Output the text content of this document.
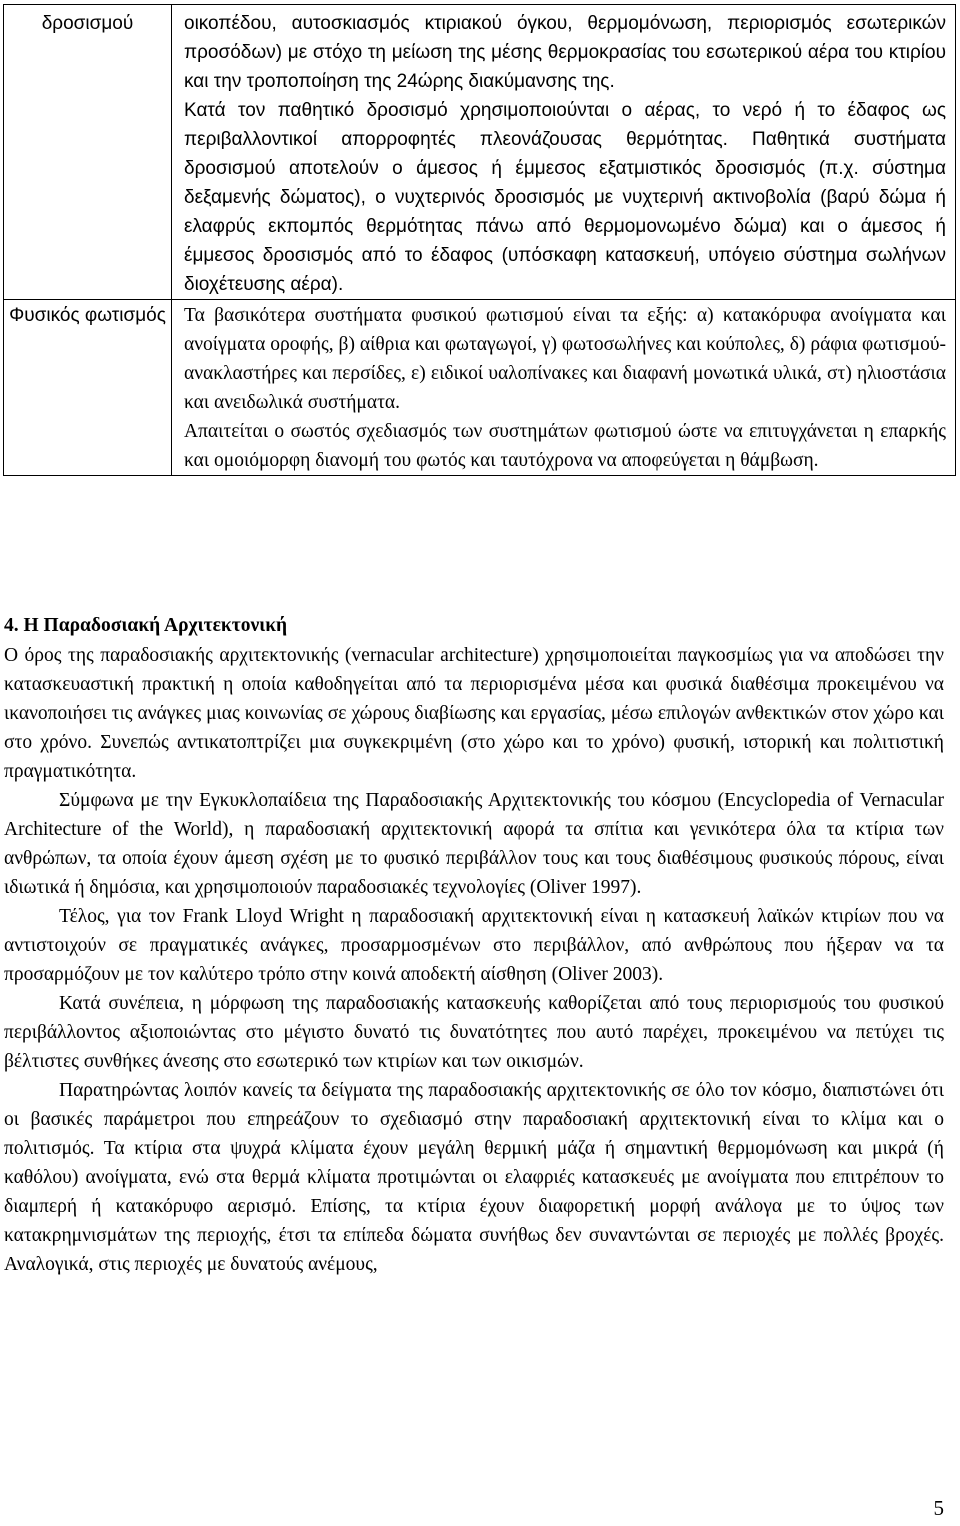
δροσισμού	οικοπέδου, αυτοσκιασμός κτιριακού όγκου, θερμομόνωση, περιορισμός εσωτερικών προσόδων) με στόχο τη μείωση της μέσης θερμοκρασίας του εσωτερικού αέρα του κτιρίου και την τροποποίηση της 24ώρης διακύμανσης της.

Κατά τον παθητικό δροσισμό χρησιμοποιούνται ο αέρας, το νερό ή το έδαφος ως περιβαλλοντικοί απορροφητές πλεονάζουσας θερμότητας. Παθητικά συστήματα δροσισμού αποτελούν ο άμεσος ή έμμεσος εξατμιστικός δροσισμός (π.χ. σύστημα δεξαμενής δώματος), ο νυχτερινός δροσισμός με νυχτερινή ακτινοβολία (βαρύ δώμα ή ελαφρύς εκπομπός θερμότητας πάνω από θερμομονωμένο δώμα) και ο άμεσος ή έμμεσος δροσισμός από το έδαφος (υπόσκαφη κατασκευή, υπόγειο σύστημα σωλήνων διοχέτευσης αέρα).

Φυσικός φωτισμός	Τα βασικότερα συστήματα φυσικού φωτισμού είναι τα εξής: α) κατακόρυφα ανοίγματα και ανοίγματα οροφής, β) αίθρια και φωταγωγοί, γ) φωτοσωλήνες και κούπολες, δ) ράφια φωτισμού-ανακλαστήρες και περσίδες, ε) ειδικοί υαλοπίνακες και διαφανή μονωτικά υλικά, στ) ηλιοστάσια και ανειδωλικά συστήματα.

Απαιτείται ο σωστός σχεδιασμός των συστημάτων φωτισμού ώστε να επιτυγχάνεται η επαρκής και ομοιόμορφη διανομή του φωτός και ταυτόχρονα να αποφεύγεται η θάμβωση.

4. Η Παραδοσιακή Αρχιτεκτονική

Ο όρος της παραδοσιακής αρχιτεκτονικής (vernacular architecture) χρησιμοποιείται παγκοσμίως για να αποδώσει την κατασκευαστική πρακτική η οποία καθοδηγείται από τα περιορισμένα μέσα και φυσικά διαθέσιμα προκειμένου να ικανοποιήσει τις ανάγκες μιας κοινωνίας σε χώρους διαβίωσης και εργασίας, μέσω επιλογών ανθεκτικών στον χώρο και στο χρόνο. Συνεπώς αντικατοπτρίζει μια συγκεκριμένη (στο χώρο και το χρόνο) φυσική, ιστορική και πολιτιστική πραγματικότητα.

Σύμφωνα με την Εγκυκλοπαίδεια της Παραδοσιακής Αρχιτεκτονικής του κόσμου (Encyclopedia of Vernacular Architecture of the World), η παραδοσιακή αρχιτεκτονική αφορά τα σπίτια και γενικότερα όλα τα κτίρια των ανθρώπων, τα οποία έχουν άμεση σχέση με το φυσικό περιβάλλον τους και τους διαθέσιμους φυσικούς πόρους, είναι ιδιωτικά ή δημόσια, και χρησιμοποιούν παραδοσιακές τεχνολογίες (Oliver 1997).

Τέλος, για τον Frank Lloyd Wright η παραδοσιακή αρχιτεκτονική είναι η κατασκευή λαϊκών κτιρίων που να αντιστοιχούν σε πραγματικές ανάγκες, προσαρμοσμένων στο περιβάλλον, από ανθρώπους που ήξεραν να τα προσαρμόζουν με τον καλύτερο τρόπο στην κοινά αποδεκτή αίσθηση (Oliver 2003).

Κατά συνέπεια, η μόρφωση της παραδοσιακής κατασκευής καθορίζεται από τους περιορισμούς του φυσικού περιβάλλοντος αξιοποιώντας στο μέγιστο δυνατό τις δυνατότητες που αυτό παρέχει, προκειμένου να πετύχει τις βέλτιστες συνθήκες άνεσης στο εσωτερικό των κτιρίων και των οικισμών.

Παρατηρώντας λοιπόν κανείς τα δείγματα της παραδοσιακής αρχιτεκτονικής σε όλο τον κόσμο, διαπιστώνει ότι οι βασικές παράμετροι που επηρεάζουν το σχεδιασμό στην παραδοσιακή αρχιτεκτονική είναι το κλίμα και ο πολιτισμός. Τα κτίρια στα ψυχρά κλίματα έχουν μεγάλη θερμική μάζα ή σημαντική θερμομόνωση και μικρά (ή καθόλου) ανοίγματα, ενώ στα θερμά κλίματα προτιμώνται οι ελαφριές κατασκευές με ανοίγματα που επιτρέπουν το διαμπερή ή κατακόρυφο αερισμό. Επίσης, τα κτίρια έχουν διαφορετική μορφή ανάλογα με το ύψος των κατακρημνισμάτων της περιοχής, έτσι τα επίπεδα δώματα συνήθως δεν συναντώνται σε περιοχές με πολλές βροχές. Αναλογικά, στις περιοχές με δυνατούς ανέμους,

5
